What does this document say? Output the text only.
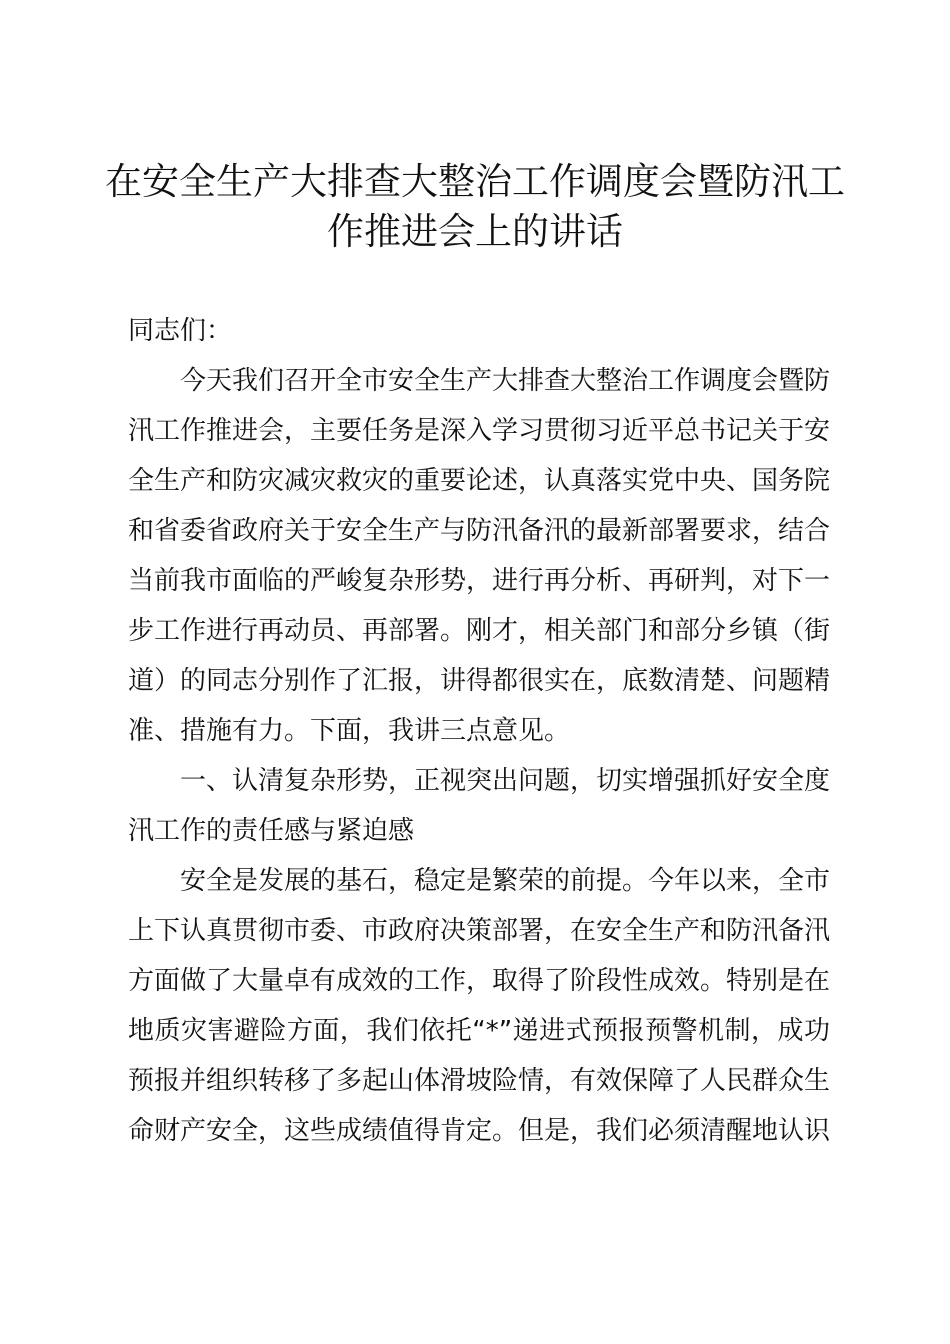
在安全生产大排查大整治工作调度会暨防汛工
作推进会上的讲话
同志们：
今天我们召开全市安全生产大排查大整治工作调度会暨防
汛工作推进会，主要任务是深入学习贯彻习近平总书记关于安
全生产和防灾减灾救灾的重要论述，认真落实党中央、国务院
和省委省政府关于安全生产与防汛备汛的最新部署要求，结合
当前我市面临的严峻复杂形势，进行再分析、再研判，对下一
步工作进行再动员、再部署。刚才，相关部门和部分乡镇（街
道）的同志分别作了汇报，讲得都很实在，底数清楚、问题精
准、措施有力。下面，我讲三点意见。
一、认清复杂形势，正视突出问题，切实增强抓好安全度
汛工作的责任感与紧迫感
安全是发展的基石，稳定是繁荣的前提。今年以来，全市
上下认真贯彻市委、市政府决策部署，在安全生产和防汛备汛
方面做了大量卓有成效的工作，取得了阶段性成效。特别是在
地质灾害避险方面，我们依托“*”递进式预报预警机制，成功
预报并组织转移了多起山体滑坡险情，有效保障了人民群众生
命财产安全，这些成绩值得肯定。但是，我们必须清醒地认识
